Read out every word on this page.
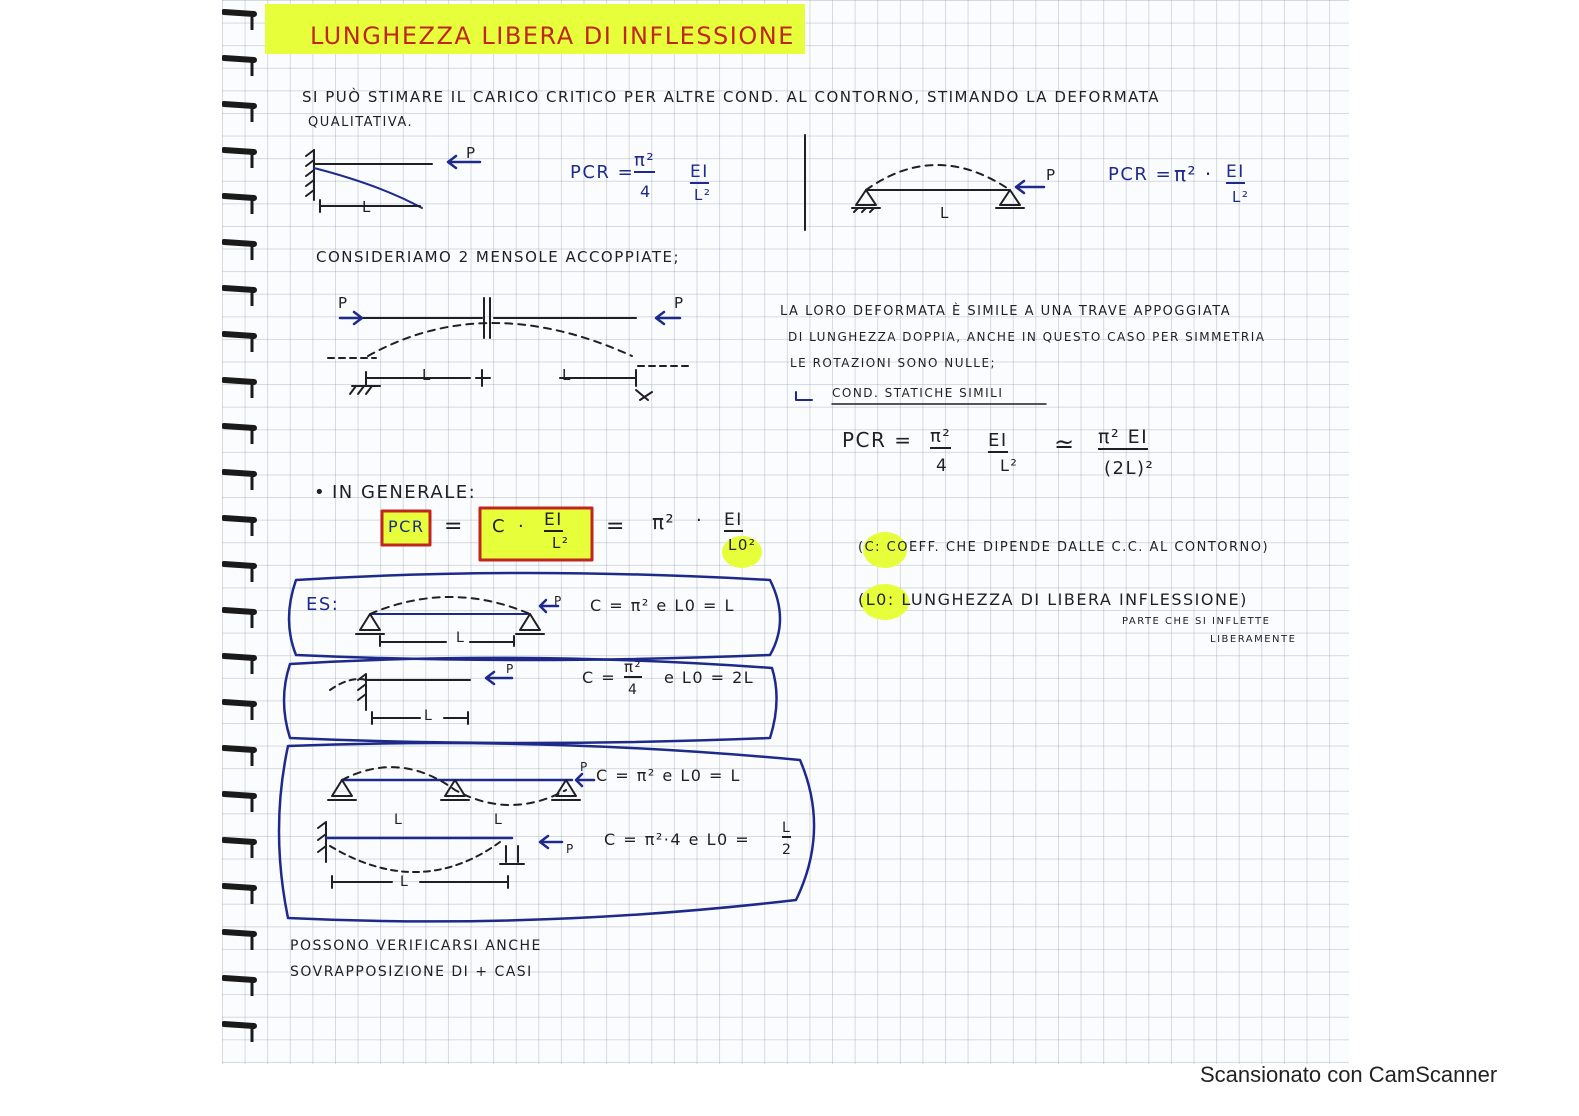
LUNGHEZZA LIBERA DI INFLESSIONE
SI PUÒ STIMARE IL CARICO CRITICO PER ALTRE COND. AL CONTORNO, STIMANDO LA DEFORMATA
QUALITATIVA.
P
L
PCR =
π²
4
EI
L²
P
L
PCR = π² · EI
L²
CONSIDERIAMO 2 MENSOLE ACCOPPIATE;
P	P
L	L
LA LORO DEFORMATA È SIMILE A UNA TRAVE APPOGGIATA
DI LUNGHEZZA DOPPIA, ANCHE IN QUESTO CASO PER SIMMETRIA
LE ROTAZIONI SONO NULLE;
COND. STATICHE SIMILI
PCR = π²
4
EI
L²
≃ π² EI
(2L)²
• IN GENERALE:
PCR = C · EI
L²
= π² · EI
L0²	(C: COEFF. CHE DIPENDE DALLE C.C. AL CONTORNO)
(L0: LUNGHEZZA DI LIBERA INFLESSIONE)
PARTE CHE SI INFLETTE
LIBERAMENTE
ES:	C = π² e L0 = L
P
L
C =
π²
4
e L0 = 2L
P
L
C = π² e L0 = L
P
L	L
C = π²·4 e L0 =
L
2
P
L
POSSONO VERIFICARSI ANCHE
SOVRAPPOSIZIONE DI + CASI
Scansionato con CamScanner
